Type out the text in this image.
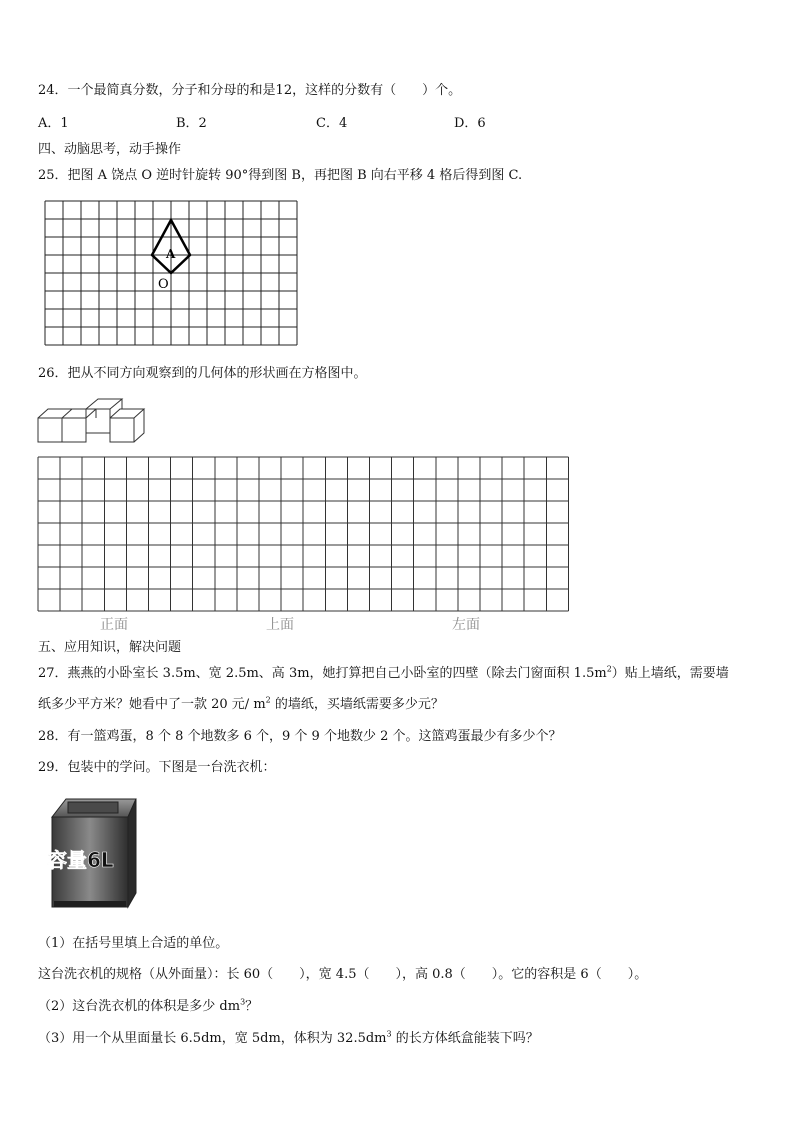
24．一个最简真分数，分子和分母的和是12，这样的分数有（　　）个。
A．1	B．2	C．4	D．6
四、动脑思考，动手操作
25．把图 A 饶点 O 逆时针旋转 90°得到图 B，再把图 B 向右平移 4 格后得到图 C.
A
O
26．把从不同方向观察到的几何体的形状画在方格图中。
正面	上面	左面
五、应用知识，解决问题
27．燕燕的小卧室长 3.5m、宽 2.5m、高 3m，她打算把自己小卧室的四壁（除去门窗面积 $1.5m^2$）贴上墙纸，需要墙
纸多少平方米？她看中了一款 20 元/ $m^2$ 的墙纸，买墙纸需要多少元？
28．有一篮鸡蛋，8 个 8 个地数多 6 个，9 个 9 个地数少 2 个。这篮鸡蛋最少有多少个？
29．包装中的学问。下图是一台洗衣机：
容量6L
（1）在括号里填上合适的单位。
这台洗衣机的规格（从外面量）：长 60（　　），宽 4.5（　　），高 0.8（　　）。它的容积是 6（　　）。
（2）这台洗衣机的体积是多少 $dm^3$？
（3）用一个从里面量长 6.5dm，宽 5dm，体积为 $32.5dm^3$ 的长方体纸盒能装下吗？
